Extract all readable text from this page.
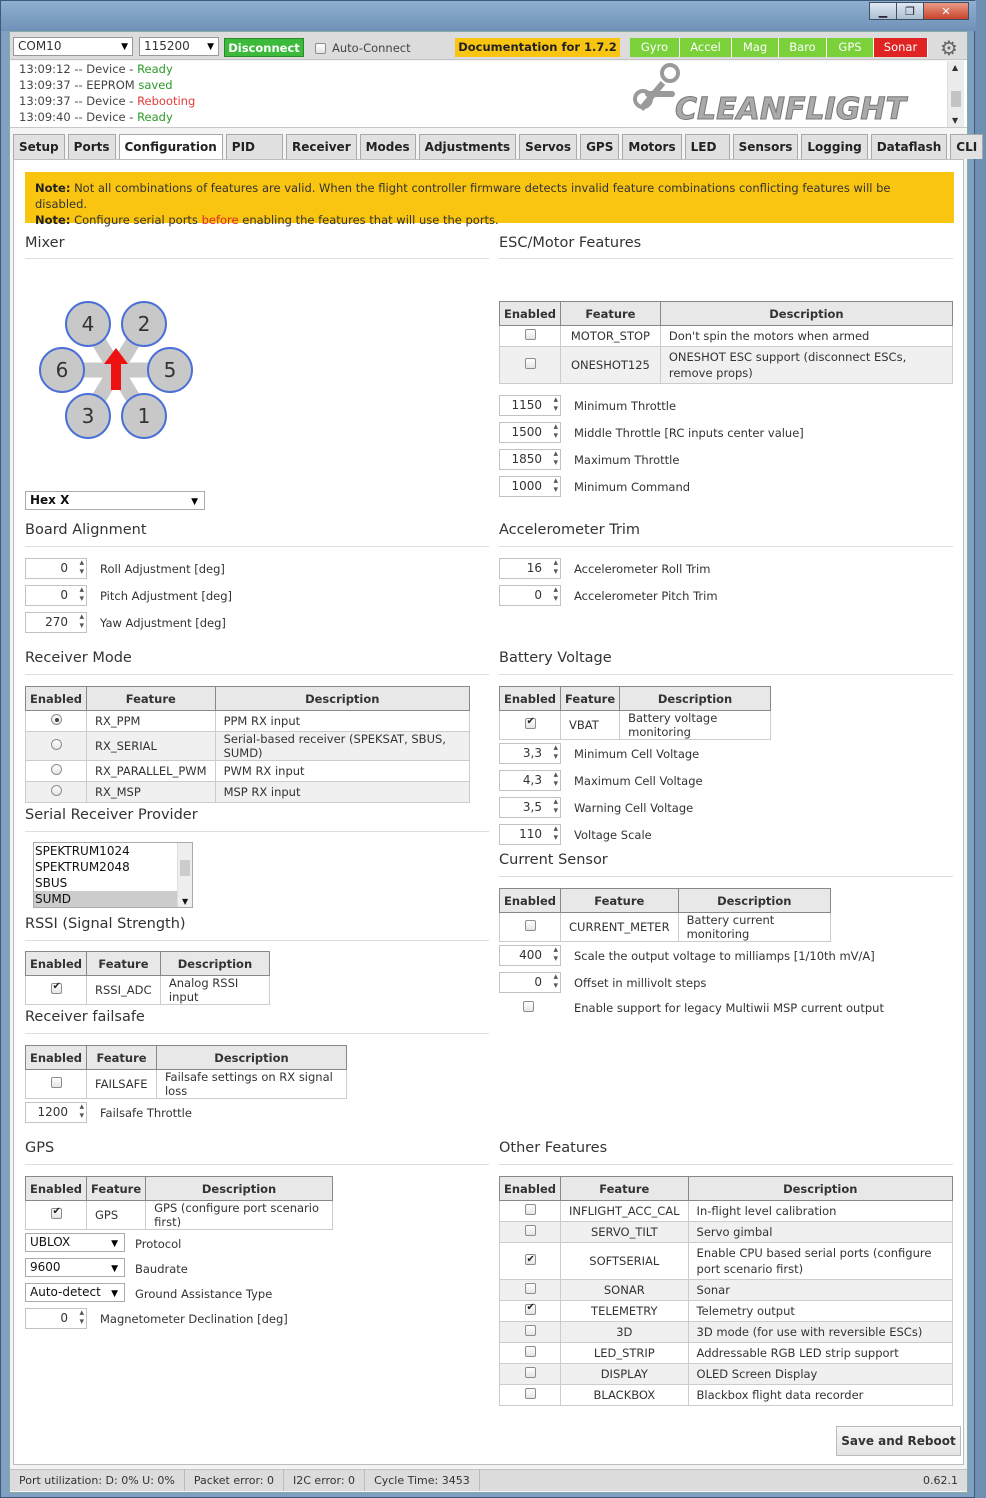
▁	❐	✕
COM10 ▼	115200 ▼	Disconnect	Auto-Connect	Documentation for 1.7.2	Gyro	Accel	Mag	Baro	GPS	Sonar	⚙
13:09:12 -- Device - Ready
13:09:37 -- EEPROM saved
13:09:37 -- Device - Rebooting
13:09:40 -- Device - Ready	CLEANFLIGHT
▲
▼
Setup	Ports	Configuration	PID	Receiver	Modes	Adjustments	Servos	GPS	Motors	LED	Sensors	Logging	Dataflash	CLI
Note: Not all combinations of features are valid. When the flight controller firmware detects invalid feature combinations conflicting features will be disabled.
Note: Configure serial ports before enabling the features that will use the ports.
Mixer
4 2
6	5
3 1
Hex X ▼
Board Alignment
0 ▴ ▾	Roll Adjustment [deg]
0 ▴ ▾	Pitch Adjustment [deg]
270 ▴ ▾	Yaw Adjustment [deg]
Receiver Mode
Enabled	Feature	Description
	RX_PPM	PPM RX input
	RX_SERIAL	Serial-based receiver (SPEKSAT, SBUS, SUMD)
	RX_PARALLEL_PWM	PWM RX input
	RX_MSP	MSP RX input
Serial Receiver Provider
SPEKTRUM1024
SPEKTRUM2048
SBUS
SUMD	▼
RSSI (Signal Strength)
Enabled	Feature	Description
✔	RSSI_ADC	Analog RSSI input
Receiver failsafe
Enabled	Feature	Description
	FAILSAFE	Failsafe settings on RX signal loss
1200 ▴ ▾	Failsafe Throttle
GPS
Enabled	Feature	Description
✔	GPS	GPS (configure port scenario first)
UBLOX ▼	Protocol
9600 ▼	Baudrate
Auto-detect ▼	Ground Assistance Type
0 ▴ ▾	Magnetometer Declination [deg]
ESC/Motor Features
Enabled	Feature	Description
	MOTOR_STOP	Don't spin the motors when armed
	ONESHOT125	ONESHOT ESC support (disconnect ESCs, remove props)
1150 ▴ ▾	Minimum Throttle
1500 ▴ ▾	Middle Throttle [RC inputs center value]
1850 ▴ ▾	Maximum Throttle
1000 ▴ ▾	Minimum Command
Accelerometer Trim
16 ▴ ▾	Accelerometer Roll Trim
0 ▴ ▾	Accelerometer Pitch Trim
Battery Voltage
Enabled	Feature	Description
✔	VBAT	Battery voltage monitoring
3,3 ▴ ▾	Minimum Cell Voltage
4,3 ▴ ▾	Maximum Cell Voltage
3,5 ▴ ▾	Warning Cell Voltage
110 ▴ ▾	Voltage Scale
Current Sensor
Enabled	Feature	Description
	CURRENT_METER	Battery current monitoring
400 ▴ ▾	Scale the output voltage to milliamps [1/10th mV/A]
0 ▴ ▾	Offset in millivolt steps
Enable support for legacy Multiwii MSP current output
Other Features
Enabled	Feature	Description
	INFLIGHT_ACC_CAL	In-flight level calibration
	SERVO_TILT	Servo gimbal
✔	SOFTSERIAL	Enable CPU based serial ports (configure port scenario first)
	SONAR	Sonar
✔	TELEMETRY	Telemetry output
	3D	3D mode (for use with reversible ESCs)
	LED_STRIP	Addressable RGB LED strip support
	DISPLAY	OLED Screen Display
	BLACKBOX	Blackbox flight data recorder
Save and Reboot
Port utilization: D: 0% U: 0%	Packet error: 0	I2C error: 0	Cycle Time: 3453	0.62.1
